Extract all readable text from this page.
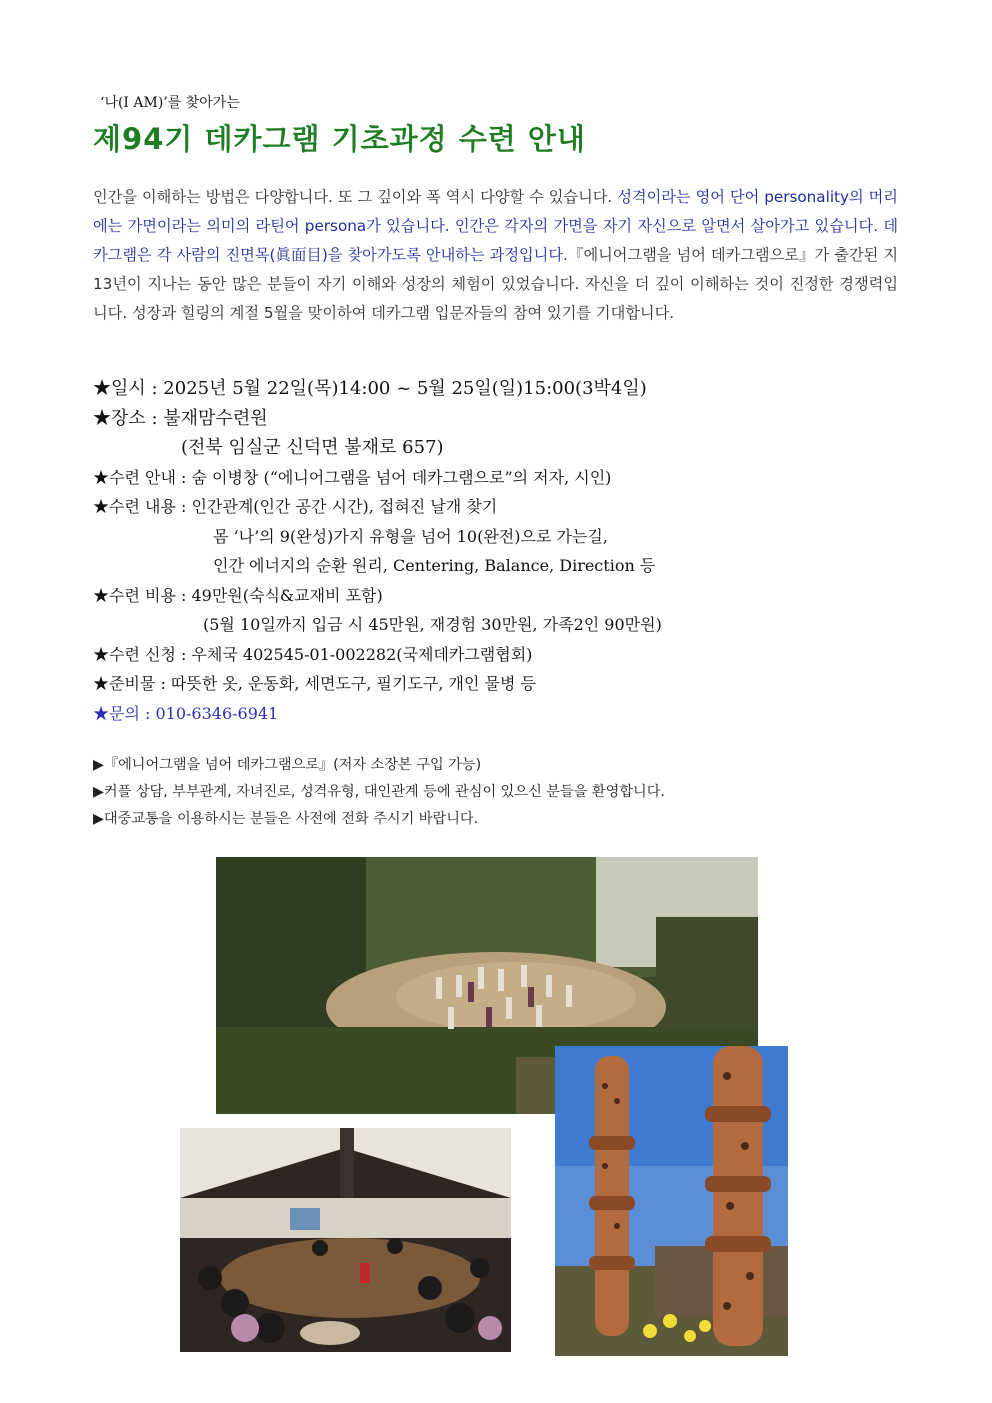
‘나(I AM)’를 찾아가는
제94기 데카그램 기초과정 수련 안내
인간을 이해하는 방법은 다양합니다. 또 그 깊이와 폭 역시 다양할 수 있습니다. 성격이라는 영어 단어 personality의 머리에는 가면이라는 의미의 라틴어 persona가 있습니다. 인간은 각자의 가면을 자기 자신으로 알면서 살아가고 있습니다. 데카그램은 각 사람의 진면목(眞面目)을 찾아가도록 안내하는 과정입니다.『에니어그램을 넘어 데카그램으로』가 출간된 지 13년이 지나는 동안 많은 분들이 자기 이해와 성장의 체험이 있었습니다. 자신을 더 깊이 이해하는 것이 진정한 경쟁력입니다. 성장과 힐링의 계절 5월을 맞이하여 데카그램 입문자들의 참여 있기를 기대합니다.
★일시 : 2025년 5월 22일(목)14:00 ~ 5월 25일(일)15:00(3박4일)
★장소 : 불재맘수련원
(전북 임실군 신덕면 불재로 657)
★수련 안내 : 숨 이병창 (“에니어그램을 넘어 데카그램으로”의 저자, 시인)
★수련 내용 : 인간관계(인간 공간 시간), 접혀진 날개 찾기
몸 ‘나’의 9(완성)가지 유형을 넘어 10(완전)으로 가는길,
인간 에너지의 순환 원리, Centering, Balance, Direction 등
★수련 비용 : 49만원(숙식&교재비 포함)
(5월 10일까지 입금 시 45만원, 재경험 30만원, 가족2인 90만원)
★수련 신청 : 우체국 402545-01-002282(국제데카그램협회)
★준비물 : 따뜻한 옷, 운동화, 세면도구, 필기도구, 개인 물병 등
★문의 : 010-6346-6941
▶『에니어그램을 넘어 데카그램으로』(저자 소장본 구입 가능)
▶커플 상담, 부부관계, 자녀진로, 성격유형, 대인관계 등에 관심이 있으신 분들을 환영합니다.
▶대중교통을 이용하시는 분들은 사전에 전화 주시기 바랍니다.
